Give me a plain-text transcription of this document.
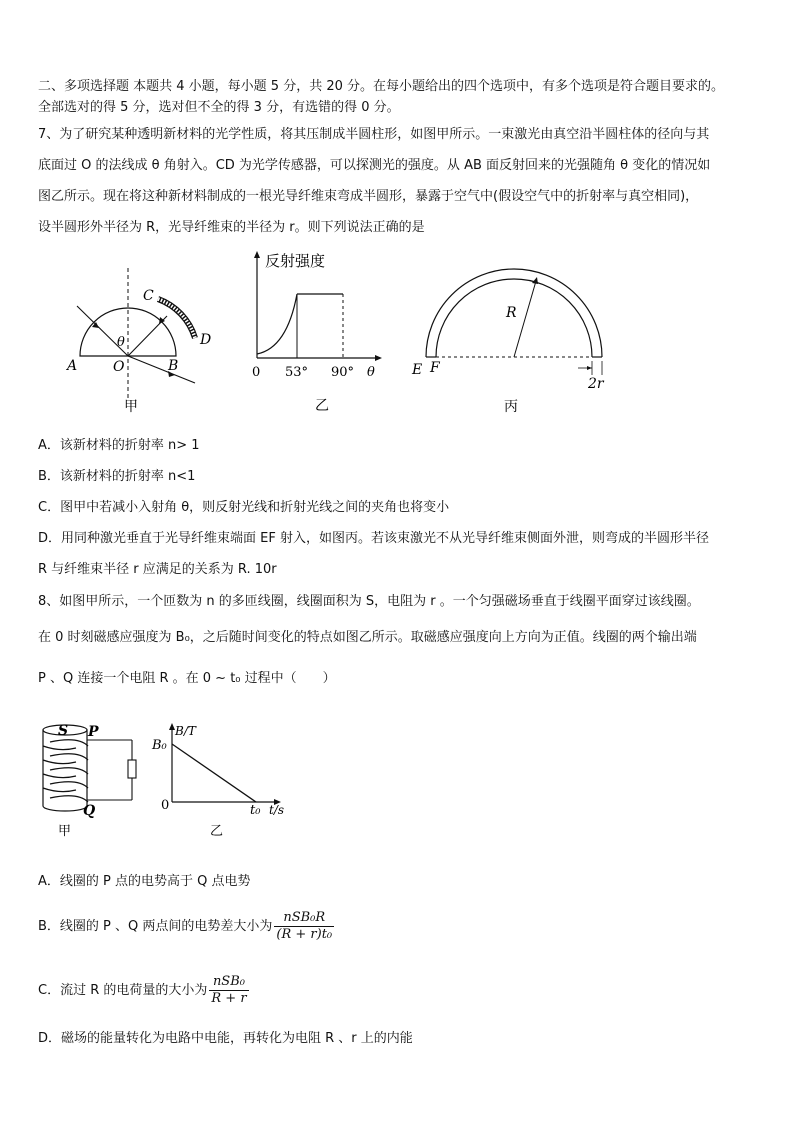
二、多项选择题 本题共 4 小题，每小题 5 分，共 20 分。在每小题给出的四个选项中，有多个选项是符合题目要求的。
全部选对的得 5 分，选对但不全的得 3 分，有选错的得 0 分。
7、为了研究某种透明新材料的光学性质，将其压制成半圆柱形，如图甲所示。一束激光由真空沿半圆柱体的径向与其
底面过 O 的法线成 θ 角射入。CD 为光学传感器，可以探测光的强度。从 AB 面反射回来的光强随角 θ 变化的情况如
图乙所示。现在将这种新材料制成的一根光导纤维束弯成半圆形，暴露于空气中(假设空气中的折射率与真空相同)，
设半圆形外半径为 R，光导纤维束的半径为 r。则下列说法正确的是
C
D
θ
A	O	B
甲
反射强度
0 53° 90° θ
乙
R
E F
2r
丙
A．该新材料的折射率 n> 1
B．该新材料的折射率 n<1
C．图甲中若减小入射角 θ，则反射光线和折射光线之间的夹角也将变小
D．用同种激光垂直于光导纤维束端面 EF 射入，如图丙。若该束激光不从光导纤维束侧面外泄，则弯成的半圆形半径
R 与纤维束半径 r 应满足的关系为 R. 10r
8、如图甲所示，一个匝数为 n 的多匝线圈，线圈面积为 S，电阻为 r 。一个匀强磁场垂直于线圈平面穿过该线圈。
在 0 时刻磁感应强度为 B₀，之后随时间变化的特点如图乙所示。取磁感应强度向上方向为正值。线圈的两个输出端
P 、Q 连接一个电阻 R 。在 0 ~ t₀ 过程中（　　）
S P
Q
甲
B/T
B₀
0	t₀ t/s
乙
A．线圈的 P 点的电势高于 Q 点电势
B．线圈的 P 、Q 两点间的电势差大小为 $\frac{\text{nSB₀R}}{\text{(R + r)t₀}}$
C．流过 R 的电荷量的大小为 $\frac{\text{nSB₀}}{R + r}$
D．磁场的能量转化为电路中电能，再转化为电阻 R 、r 上的内能
